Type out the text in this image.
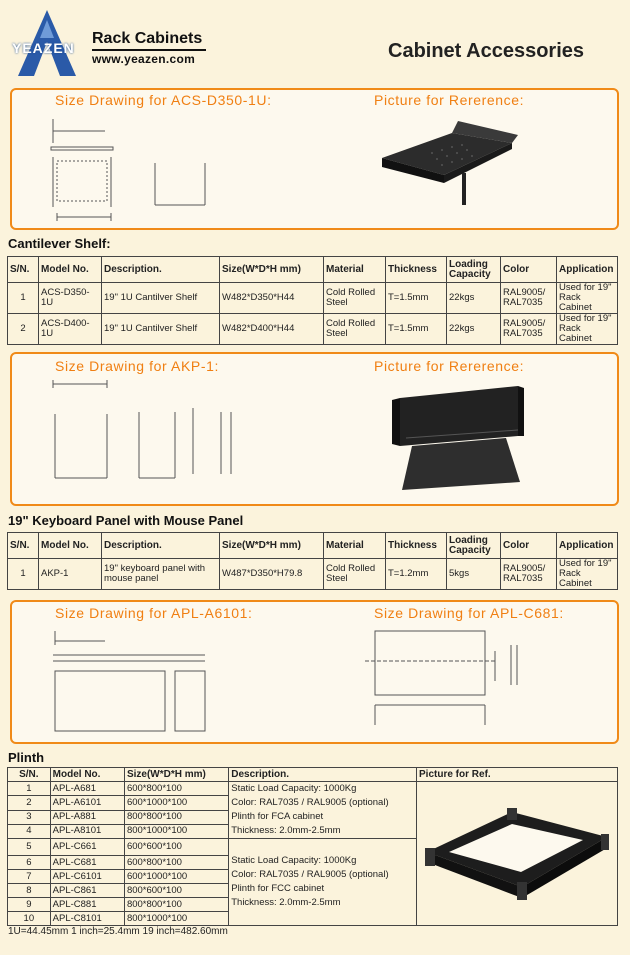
YEAZEN
Rack Cabinets
www.yeazen.com	Cabinet Accessories
Size Drawing for ACS-D350-1U:	Picture for Rererence:
Cantilever Shelf:
S/N.	Model No.	Description.	Size(W*D*H mm)	Material	Thickness	Loading Capacity	Color	Application
1	ACS-D350-1U	19" 1U Cantilver Shelf	W482*D350*H44	Cold Rolled Steel	T=1.5mm	22kgs	RAL9005/ RAL7035	Used for 19" Rack Cabinet
2	ACS-D400-1U	19" 1U Cantilver Shelf	W482*D400*H44	Cold Rolled Steel	T=1.5mm	22kgs	RAL9005/ RAL7035	Used for 19" Rack Cabinet
Size Drawing for AKP-1:	Picture for Rererence:
19" Keyboard Panel with Mouse Panel
S/N.	Model No.	Description.	Size(W*D*H mm)	Material	Thickness	Loading Capacity	Color	Application
1	AKP-1	19" keyboard panel with mouse panel	W487*D350*H79.8	Cold Rolled Steel	T=1.2mm	5kgs	RAL9005/ RAL7035	Used for 19" Rack Cabinet
Size Drawing for APL-A6101:	Size Drawing for APL-C681:
Plinth
S/N.	Model No.	Size(W*D*H mm)	Description.	Picture for Ref.
1	APL-A681	600*800*100	Static Load Capacity: 1000Kg
Color: RAL7035 / RAL9005 (optional)
Plinth for FCA cabinet
Thickness: 2.0mm-2.5mm

2	APL-A6101	600*1000*100		
3	APL-A881	800*800*100		
4	APL-A8101	800*1000*100		
5	APL-C661	600*600*100	Static Load Capacity: 1000Kg
Color: RAL7035 / RAL9005 (optional)
Plinth for FCC cabinet
Thickness: 2.0mm-2.5mm	

6	APL-C681	600*800*100		
7	APL-C6101	600*1000*100		
8	APL-C861	800*600*100		
9	APL-C881	800*800*100		
10	APL-C8101	800*1000*100		
1U=44.45mm 1 inch=25.4mm 19 inch=482.60mm
